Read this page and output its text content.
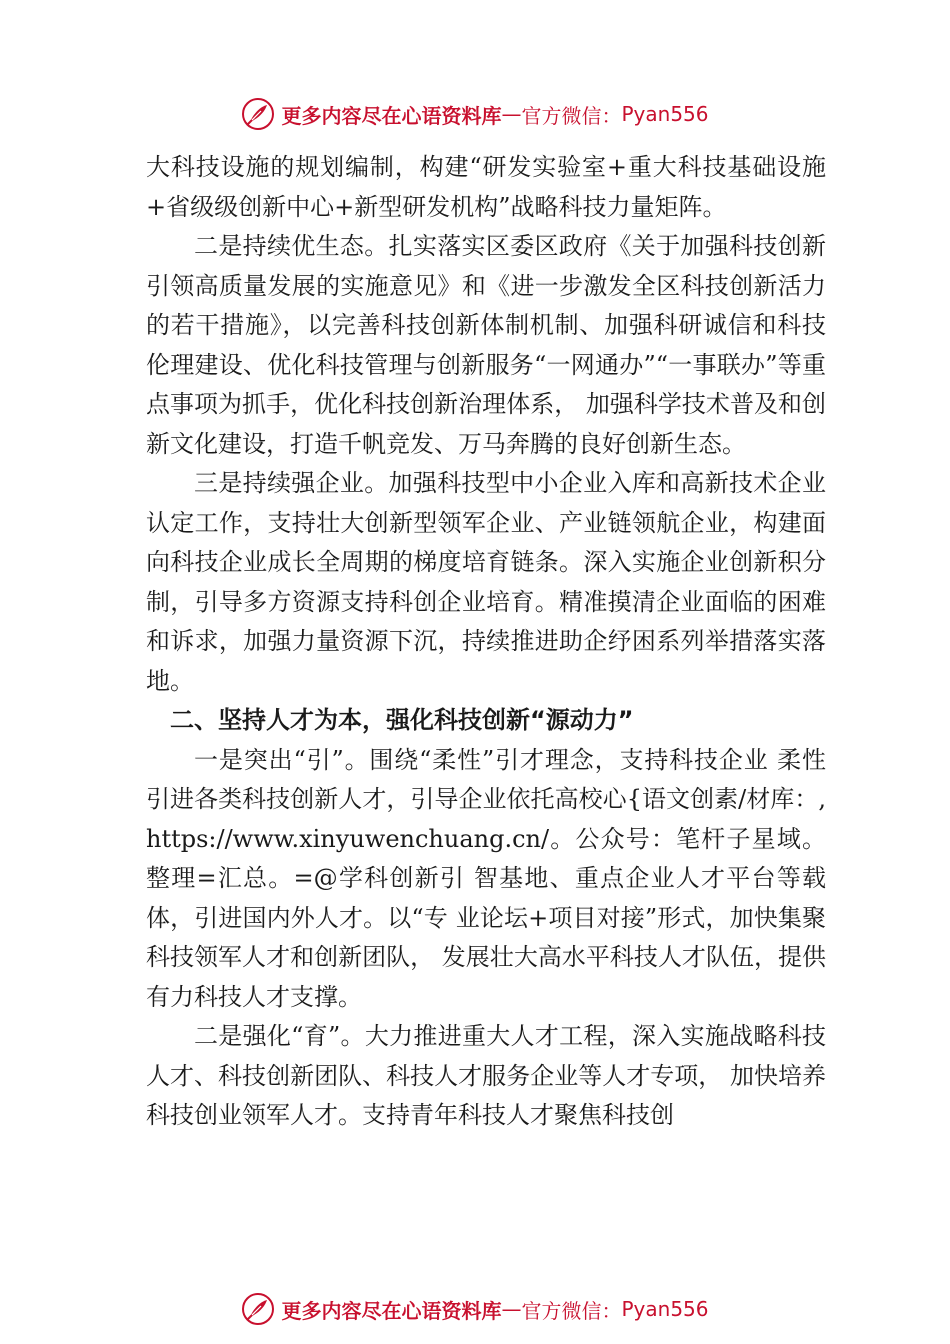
更多内容尽在心语资料库 — 官方微信： Pyan556

大科技设施的规划编制，构建“研发实验室+重大科技基础设施+省级级创新中心+新型研发机构”战略科技力量矩阵。

二是持续优生态。扎实落实区委区政府《关于加强科技创新引领高质量发展的实施意见》和《进一步激发全区科技创新活力的若干措施》，以完善科技创新体制机制、加强科研诚信和科技伦理建设、优化科技管理与创新服务“一网通办”“一事联办”等重点事项为抓手，优化科技创新治理体系， 加强科学技术普及和创新文化建设，打造千帆竞发、万马奔腾的良好创新生态。

三是持续强企业。加强科技型中小企业入库和高新技术企业认定工作，支持壮大创新型领军企业、产业链领航企业，构建面向科技企业成长全周期的梯度培育链条。深入实施企业创新积分制，引导多方资源支持科创企业培育。精准摸清企业面临的困难和诉求，加强力量资源下沉，持续推进助企纾困系列举措落实落地。

二、坚持人才为本，强化科技创新“源动力”

一是突出“引”。围绕“柔性”引才理念，支持科技企业 柔性引进各类科技创新人才，引导企业依托高校心{语文创素/材库：,https://www.xinyuwenchuang.cn/。公众号：笔杆子星域。整理=汇总。=@学科创新引 智基地、重点企业人才平台等载体，引进国内外人才。以“专 业论坛+项目对接”形式，加快集聚科技领军人才和创新团队， 发展壮大高水平科技人才队伍，提供有力科技人才支撑。

二是强化“育”。大力推进重大人才工程，深入实施战略科技人才、科技创新团队、科技人才服务企业等人才专项， 加快培养科技创业领军人才。支持青年科技人才聚焦科技创

更多内容尽在心语资料库 — 官方微信： Pyan556
